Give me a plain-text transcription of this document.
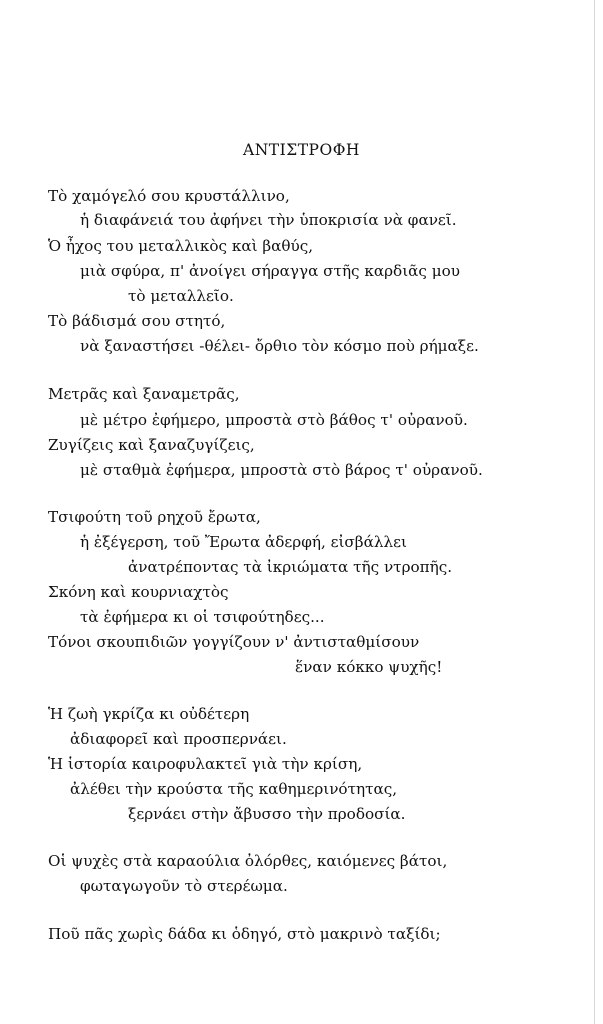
ΑΝΤΙΣΤΡΟΦΗ
Τὸ χαμόγελό σου κρυστάλλινο,
ἡ διαφάνειά του ἀφήνει τὴν ὑποκρισία νὰ φανεῖ.
Ὁ ἦχος του μεταλλικὸς καὶ βαθύς,
μιὰ σφύρα, π' ἀνοίγει σήραγγα στῆς καρδιᾶς μου
τὸ μεταλλεῖο.
Τὸ βάδισμά σου στητό,
νὰ ξαναστήσει -θέλει- ὄρθιο τὸν κόσμο ποὺ ρήμαξε.
Μετρᾶς καὶ ξαναμετρᾶς,
μὲ μέτρο ἐφήμερο, μπροστὰ στὸ βάθος τ' οὐρανοῦ.
Ζυγίζεις καὶ ξαναζυγίζεις,
μὲ σταθμὰ ἐφήμερα, μπροστὰ στὸ βάρος τ' οὐρανοῦ.
Τσιφούτη τοῦ ρηχοῦ ἔρωτα,
ἡ ἐξέγερση, τοῦ Ἔρωτα ἀδερφή, εἰσβάλλει
ἀνατρέποντας τὰ ἰκριώματα τῆς ντροπῆς.
Σκόνη καὶ κουρνιαχτὸς
τὰ ἐφήμερα κι οἱ τσιφούτηδες...
Τόνοι σκουπιδιῶν γογγίζουν ν' ἀντισταθμίσουν
ἕναν κόκκο ψυχῆς!
Ἡ ζωὴ γκρίζα κι οὐδέτερη
ἀδιαφορεῖ καὶ προσπερνάει.
Ἡ ἱστορία καιροφυλακτεῖ γιὰ τὴν κρίση,
ἀλέθει τὴν κρούστα τῆς καθημερινότητας,
ξερνάει στὴν ἄβυσσο τὴν προδοσία.
Οἱ ψυχὲς στὰ καραούλια ὀλόρθες, καιόμενες βάτοι,
φωταγωγοῦν τὸ στερέωμα.
Ποῦ πᾶς χωρὶς δάδα κι ὁδηγό, στὸ μακρινὸ ταξίδι;
